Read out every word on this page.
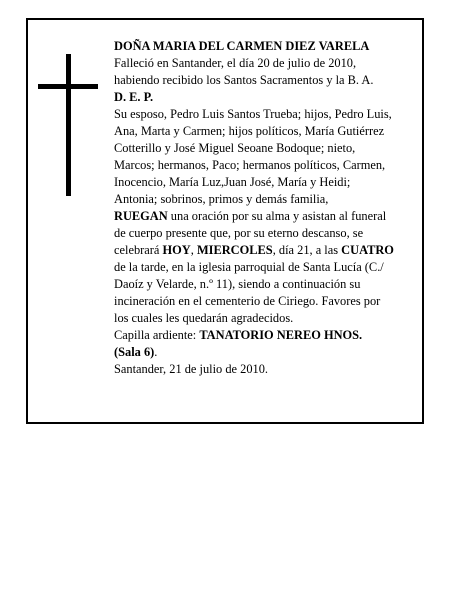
DOÑA MARIA DEL CARMEN DIEZ VARELA
Falleció en Santander, el día 20 de julio de 2010,
habiendo recibido los Santos Sacramentos y la B. A.
D. E. P.
Su esposo, Pedro Luis Santos Trueba; hijos, Pedro Luis,
Ana, Marta y Carmen; hijos políticos, María Gutiérrez
Cotterillo y José Miguel Seoane Bodoque; nieto,
Marcos; hermanos, Paco; hermanos políticos, Carmen,
Inocencio, María Luz,Juan José, María y Heidi;
Antonia; sobrinos, primos y demás familia,
RUEGAN una oración por su alma y asistan al funeral
de cuerpo presente que, por su eterno descanso, se
celebrará HOY, MIERCOLES, día 21, a las CUATRO
de la tarde, en la iglesia parroquial de Santa Lucía (C./
Daoíz y Velarde, n.º 11), siendo a continuación su
incineración en el cementerio de Ciriego. Favores por
los cuales les quedarán agradecidos.
Capilla ardiente: TANATORIO NEREO HNOS.
(Sala 6).
Santander, 21 de julio de 2010.
